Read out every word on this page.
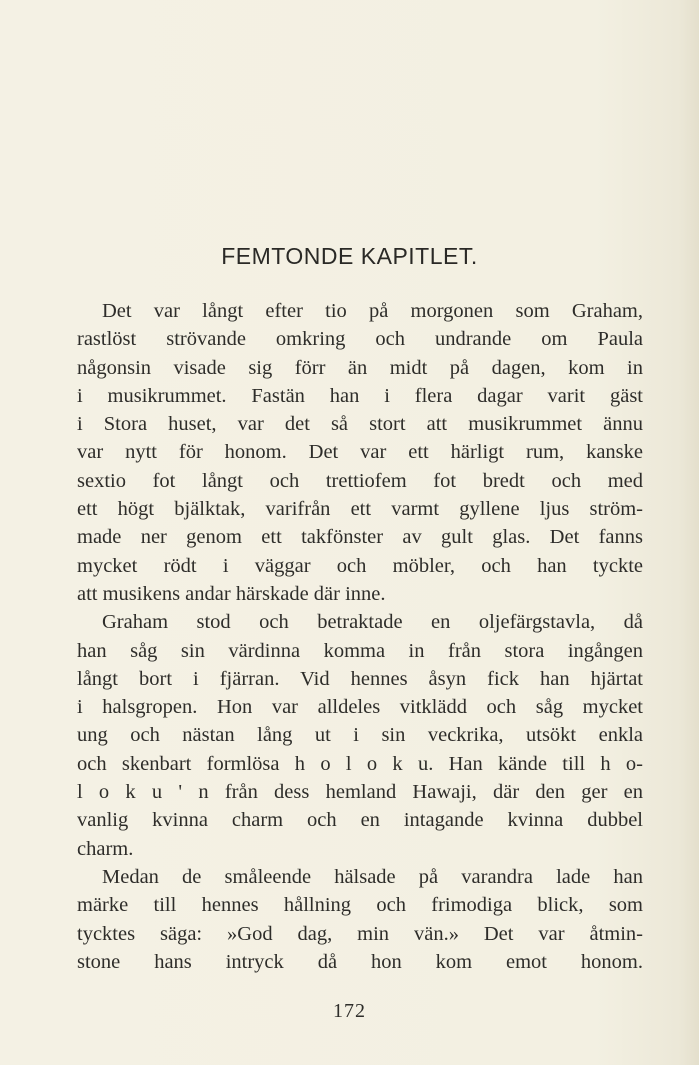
FEMTONDE KAPITLET.
Det var långt efter tio på morgonen som Graham,
rastlöst strövande omkring och undrande om Paula
någonsin visade sig förr än midt på dagen, kom in
i musikrummet. Fastän han i flera dagar varit gäst
i Stora huset, var det så stort att musikrummet ännu
var nytt för honom. Det var ett härligt rum, kanske
sextio fot långt och trettiofem fot bredt och med
ett högt bjälktak, varifrån ett varmt gyllene ljus ström-
made ner genom ett takfönster av gult glas. Det fanns
mycket rödt i väggar och möbler, och han tyckte
att musikens andar härskade där inne.
Graham stod och betraktade en oljefärgstavla, då
han såg sin värdinna komma in från stora ingången
långt bort i fjärran. Vid hennes åsyn fick han hjärtat
i halsgropen. Hon var alldeles vitklädd och såg mycket
ung och nästan lång ut i sin veckrika, utsökt enkla
och skenbart formlösa h o l o k u. Han kände till h o-
l o k u ' n från dess hemland Hawaji, där den ger en
vanlig kvinna charm och en intagande kvinna dubbel
charm.
Medan de småleende hälsade på varandra lade han
märke till hennes hållning och frimodiga blick, som
tycktes säga: »God dag, min vän.» Det var åtmin-
stone hans intryck då hon kom emot honom.
172
